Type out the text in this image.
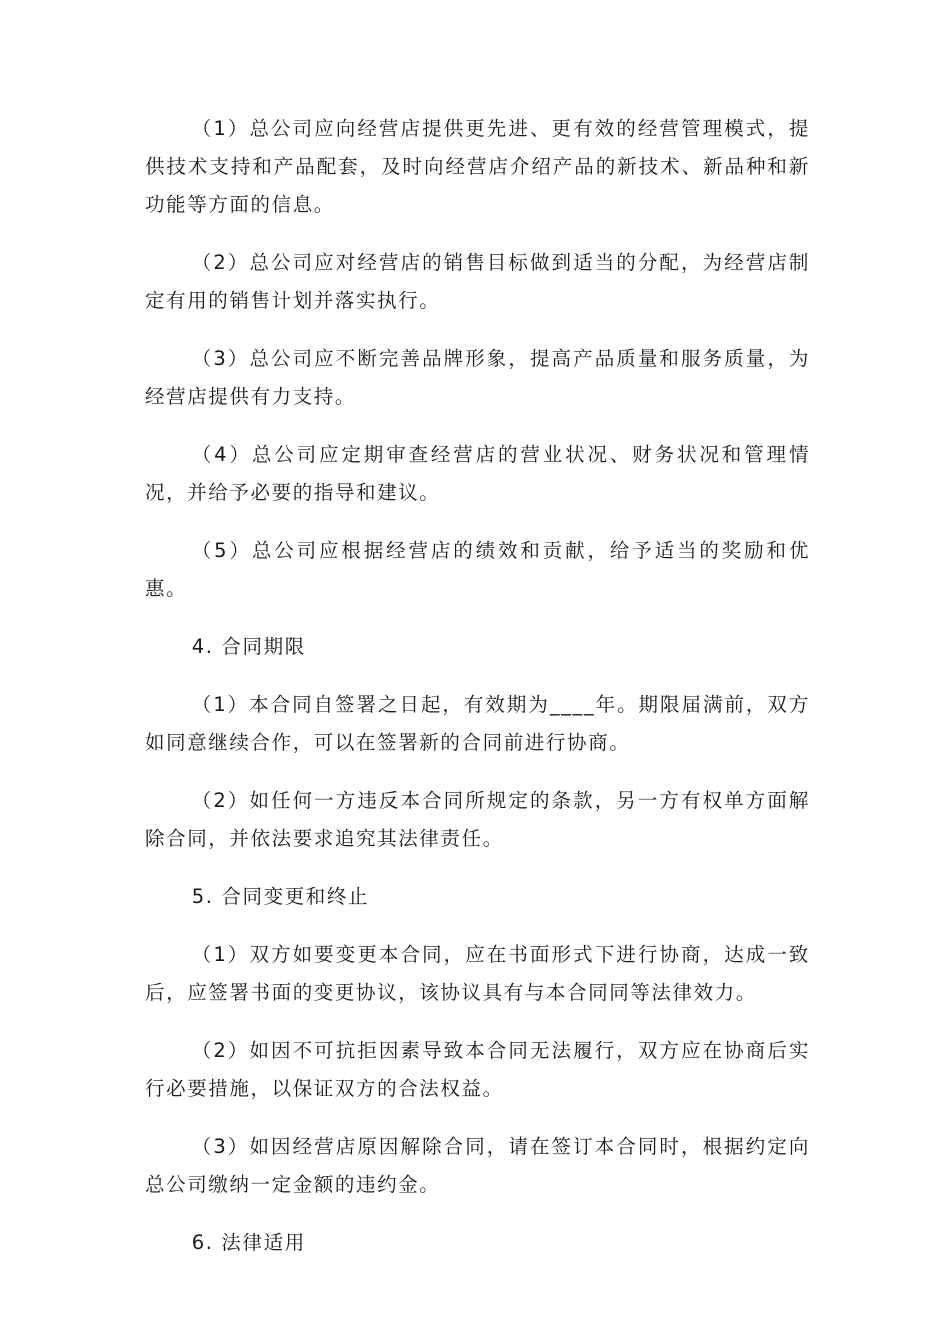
（1）总公司应向经营店提供更先进、更有效的经营管理模式，提供技术支持和产品配套，及时向经营店介绍产品的新技术、新品种和新功能等方面的信息。

（2）总公司应对经营店的销售目标做到适当的分配，为经营店制定有用的销售计划并落实执行。

（3）总公司应不断完善品牌形象，提高产品质量和服务质量，为经营店提供有力支持。

（4）总公司应定期审查经营店的营业状况、财务状况和管理情况，并给予必要的指导和建议。

（5）总公司应根据经营店的绩效和贡献，给予适当的奖励和优惠。

4. 合同期限

（1）本合同自签署之日起，有效期为____年。期限届满前，双方如同意继续合作，可以在签署新的合同前进行协商。

（2）如任何一方违反本合同所规定的条款，另一方有权单方面解除合同，并依法要求追究其法律责任。

5. 合同变更和终止

（1）双方如要变更本合同，应在书面形式下进行协商，达成一致后，应签署书面的变更协议，该协议具有与本合同同等法律效力。

（2）如因不可抗拒因素导致本合同无法履行，双方应在协商后实行必要措施，以保证双方的合法权益。

（3）如因经营店原因解除合同，请在签订本合同时，根据约定向总公司缴纳一定金额的违约金。

6. 法律适用
